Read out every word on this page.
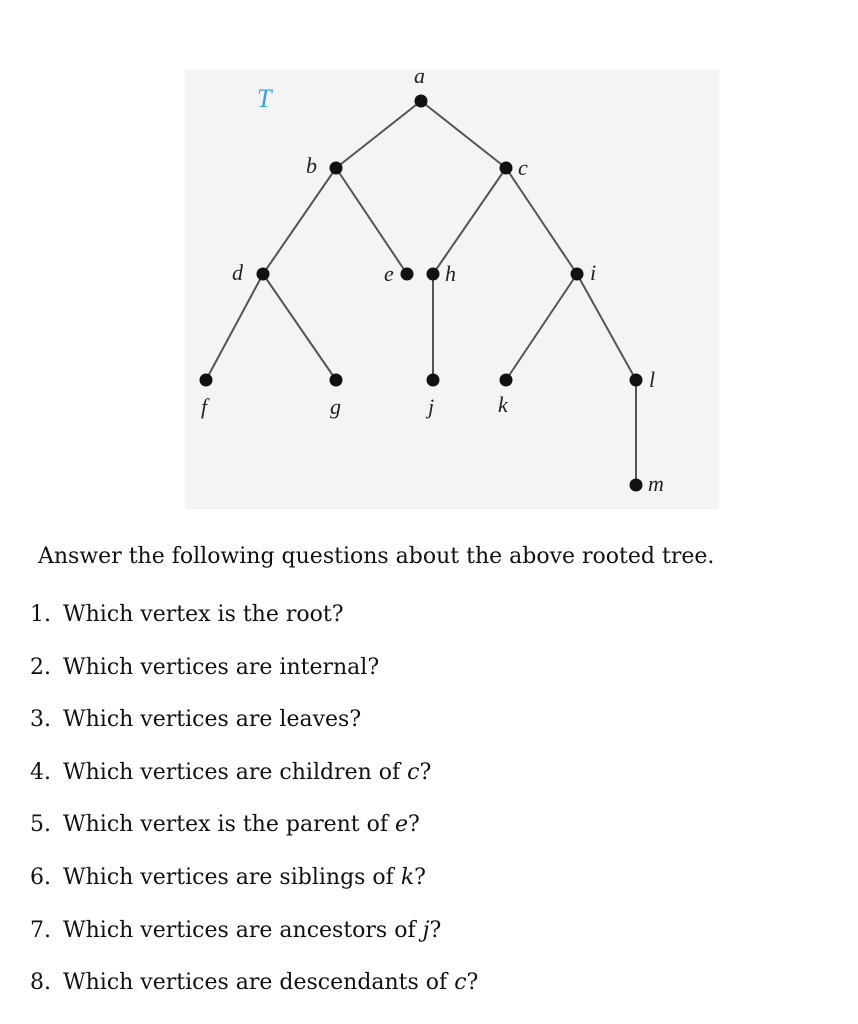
T
a
b	c
d	e h	i
f	g	j	k
l
m

Answer the following questions about the above rooted tree.

1. Which vertex is the root?
2. Which vertices are internal?
3. Which vertices are leaves?
4. Which vertices are children of c?
5. Which vertex is the parent of e?
6. Which vertices are siblings of k?
7. Which vertices are ancestors of j?
8. Which vertices are descendants of c?
